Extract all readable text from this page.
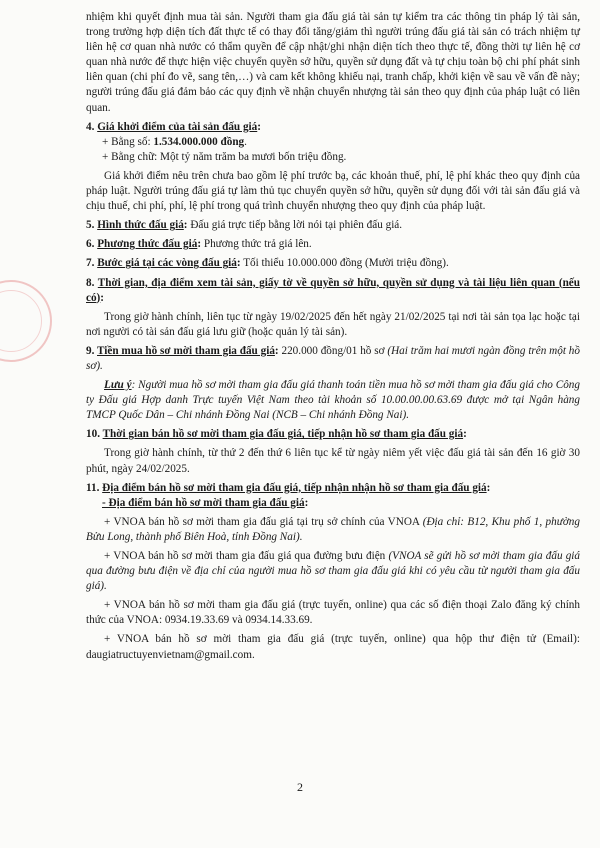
nhiệm khi quyết định mua tài sản. Người tham gia đấu giá tài sản tự kiểm tra các thông tin pháp lý tài sản, trong trường hợp diện tích đất thực tế có thay đổi tăng/giảm thì người trúng đấu giá tài sản có trách nhiệm tự liên hệ cơ quan nhà nước có thẩm quyền để cập nhật/ghi nhận diện tích theo thực tế, đồng thời tự liên hệ cơ quan nhà nước để thực hiện việc chuyển quyền sở hữu, quyền sử dụng đất và tự chịu toàn bộ chi phí phát sinh liên quan (chi phí đo vẽ, sang tên,…) và cam kết không khiếu nại, tranh chấp, khởi kiện về sau về vấn đề này; người trúng đấu giá đảm bảo các quy định về nhận chuyển nhượng tài sản theo quy định của pháp luật có liên quan.

4. Giá khởi điểm của tài sản đấu giá:

+ Bằng số: 1.534.000.000 đồng.

+ Bằng chữ: Một tỷ năm trăm ba mươi bốn triệu đồng.

Giá khởi điểm nêu trên chưa bao gồm lệ phí trước bạ, các khoản thuế, phí, lệ phí khác theo quy định của pháp luật. Người trúng đấu giá tự làm thủ tục chuyển quyền sở hữu, quyền sử dụng đối với tài sản đấu giá và chịu thuế, chi phí, phí, lệ phí trong quá trình chuyển nhượng theo quy định của pháp luật.

5. Hình thức đấu giá: Đấu giá trực tiếp bằng lời nói tại phiên đấu giá.

6. Phương thức đấu giá: Phương thức trả giá lên.

7. Bước giá tại các vòng đấu giá: Tối thiểu 10.000.000 đồng (Mười triệu đồng).

8. Thời gian, địa điểm xem tài sản, giấy tờ về quyền sở hữu, quyền sử dụng và tài liệu liên quan (nếu có):

Trong giờ hành chính, liên tục từ ngày 19/02/2025 đến hết ngày 21/02/2025 tại nơi tài sản tọa lạc hoặc tại nơi người có tài sản đấu giá lưu giữ (hoặc quản lý tài sản).

9. Tiền mua hồ sơ mời tham gia đấu giá: 220.000 đồng/01 hồ sơ (Hai trăm hai mươi ngàn đồng trên một hồ sơ).

Lưu ý: Người mua hồ sơ mời tham gia đấu giá thanh toán tiền mua hồ sơ mời tham gia đấu giá cho Công ty Đấu giá Hợp danh Trực tuyến Việt Nam theo tài khoản số 10.00.00.00.63.69 được mở tại Ngân hàng TMCP Quốc Dân – Chi nhánh Đồng Nai (NCB – Chi nhánh Đồng Nai).

10. Thời gian bán hồ sơ mời tham gia đấu giá, tiếp nhận hồ sơ tham gia đấu giá:

Trong giờ hành chính, từ thứ 2 đến thứ 6 liên tục kể từ ngày niêm yết việc đấu giá tài sản đến 16 giờ 30 phút, ngày 24/02/2025.

11. Địa điểm bán hồ sơ mời tham gia đấu giá, tiếp nhận nhận hồ sơ tham gia đấu giá:

- Địa điểm bán hồ sơ mời tham gia đấu giá:

+ VNOA bán hồ sơ mời tham gia đấu giá tại trụ sở chính của VNOA (Địa chỉ: B12, Khu phố 1, phường Bửu Long, thành phố Biên Hoà, tỉnh Đồng Nai).

+ VNOA bán hồ sơ mời tham gia đấu giá qua đường bưu điện (VNOA sẽ gửi hồ sơ mời tham gia đấu giá qua đường bưu điện về địa chỉ của người mua hồ sơ tham gia đấu giá khi có yêu cầu từ người tham gia đấu giá).

+ VNOA bán hồ sơ mời tham gia đấu giá (trực tuyến, online) qua các số điện thoại Zalo đăng ký chính thức của VNOA: 0934.19.33.69 và 0934.14.33.69.

+ VNOA bán hồ sơ mời tham gia đấu giá (trực tuyến, online) qua hộp thư điện tử (Email): daugiatructuyenvietnam@gmail.com.

2
